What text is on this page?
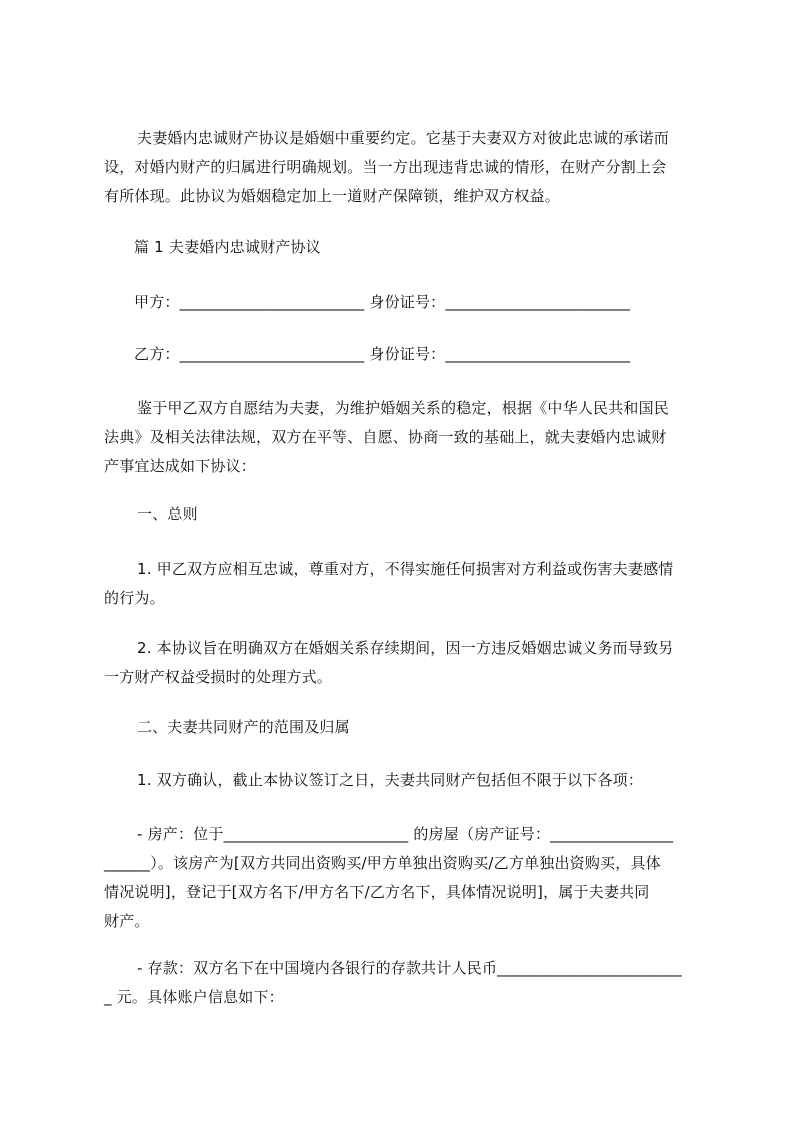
夫妻婚内忠诚财产协议是婚姻中重要约定。它基于夫妻双方对彼此忠诚的承诺而
设，对婚内财产的归属进行明确规划。当一方出现违背忠诚的情形，在财产分割上会
有所体现。此协议为婚姻稳定加上一道财产保障锁，维护双方权益。
篇 1 夫妻婚内忠诚财产协议
甲方：________________________ 身份证号：________________________
乙方：________________________ 身份证号：________________________
鉴于甲乙双方自愿结为夫妻，为维护婚姻关系的稳定，根据《中华人民共和国民
法典》及相关法律法规，双方在平等、自愿、协商一致的基础上，就夫妻婚内忠诚财
产事宜达成如下协议：
一、总则
1. 甲乙双方应相互忠诚，尊重对方，不得实施任何损害对方利益或伤害夫妻感情
的行为。
2. 本协议旨在明确双方在婚姻关系存续期间，因一方违反婚姻忠诚义务而导致另
一方财产权益受损时的处理方式。
二、夫妻共同财产的范围及归属
1. 双方确认，截止本协议签订之日，夫妻共同财产包括但不限于以下各项：
- 房产：位于________________________ 的房屋（房产证号：________________
______）。该房产为[双方共同出资购买/甲方单独出资购买/乙方单独出资购买，具体
情况说明]，登记于[双方名下/甲方名下/乙方名下，具体情况说明]，属于夫妻共同
财产。
- 存款：双方名下在中国境内各银行的存款共计人民币________________________
_ 元。具体账户信息如下：
